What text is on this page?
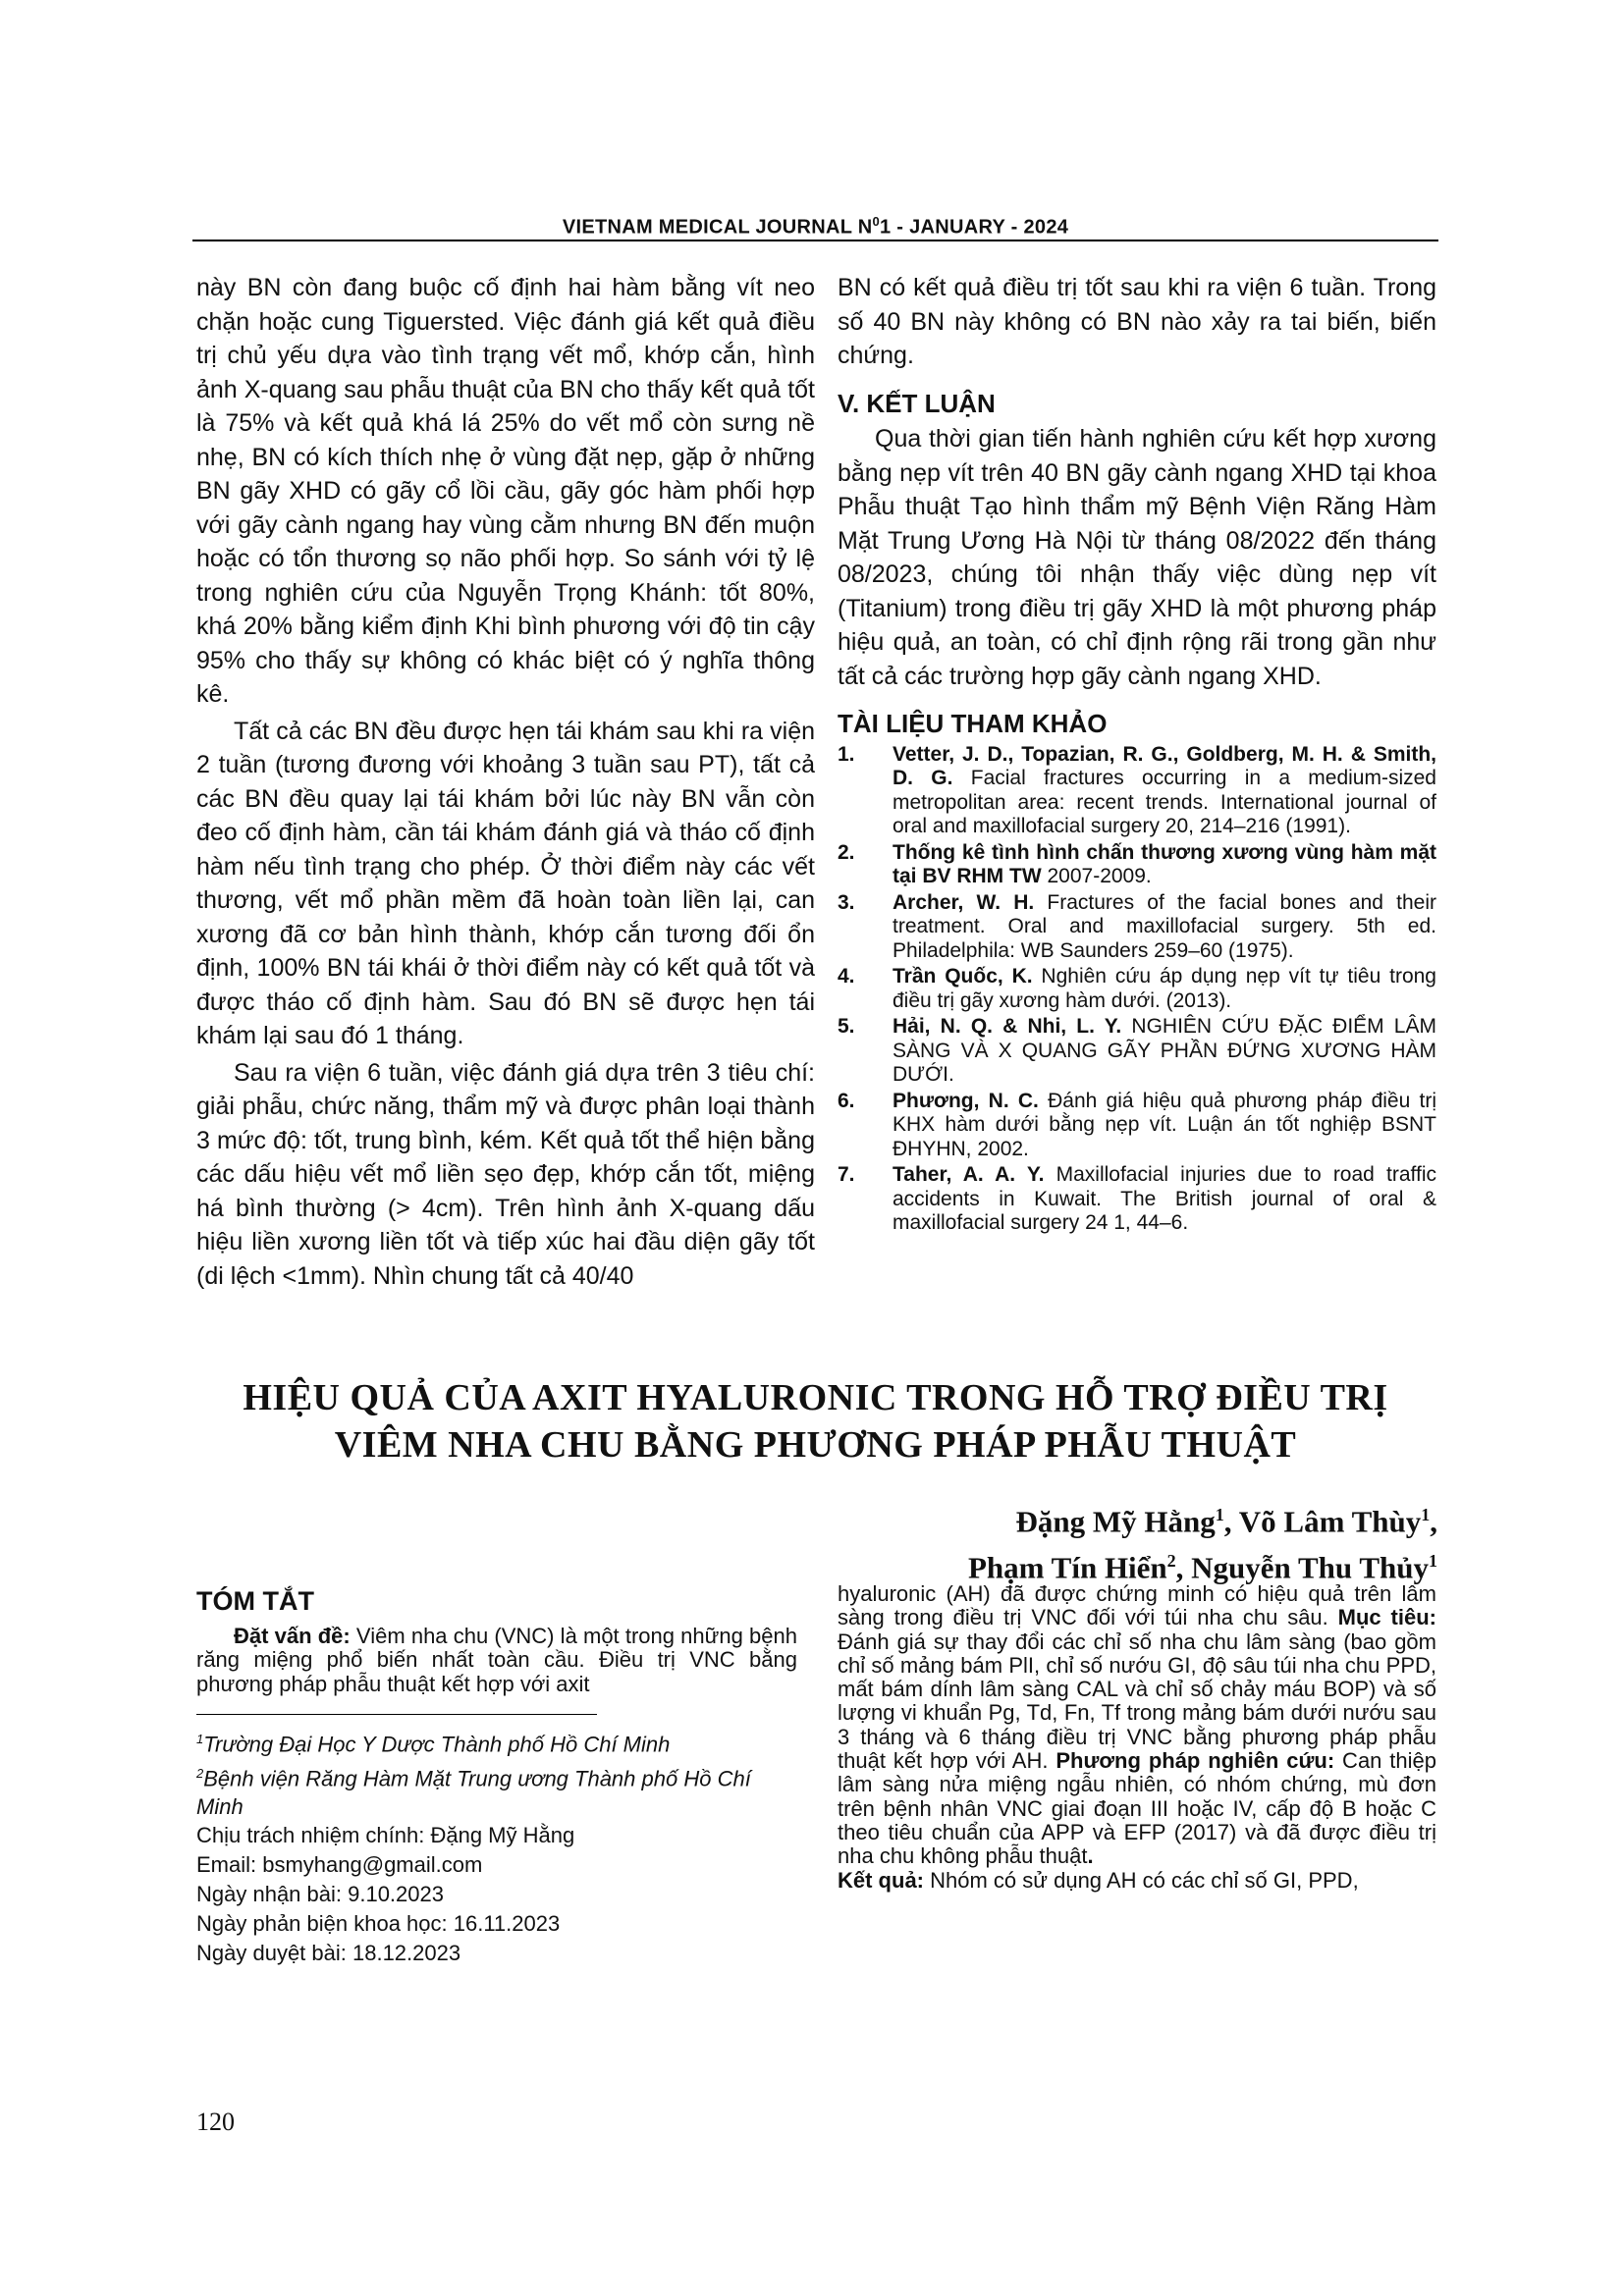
VIETNAM MEDICAL JOURNAL $N^01$ - JANUARY - 2024

này BN còn đang buộc cố định hai hàm bằng vít neo chặn hoặc cung Tiguersted. Việc đánh giá kết quả điều trị chủ yếu dựa vào tình trạng vết mổ, khớp cắn, hình ảnh X-quang sau phẫu thuật của BN cho thấy kết quả tốt là 75% và kết quả khá lá 25% do vết mổ còn sưng nề nhẹ, BN có kích thích nhẹ ở vùng đặt nẹp, gặp ở những BN gãy XHD có gãy cổ lồi cầu, gãy góc hàm phối hợp với gãy cành ngang hay vùng cằm nhưng BN đến muộn hoặc có tổn thương sọ não phối hợp. So sánh với tỷ lệ trong nghiên cứu của Nguyễn Trọng Khánh: tốt 80%, khá 20% bằng kiểm định Khi bình phương với độ tin cậy 95% cho thấy sự không có khác biệt có ý nghĩa thông kê.

Tất cả các BN đều được hẹn tái khám sau khi ra viện 2 tuần (tương đương với khoảng 3 tuần sau PT), tất cả các BN đều quay lại tái khám bởi lúc này BN vẫn còn đeo cố định hàm, cần tái khám đánh giá và tháo cố định hàm nếu tình trạng cho phép. Ở thời điểm này các vết thương, vết mổ phần mềm đã hoàn toàn liền lại, can xương đã cơ bản hình thành, khớp cắn tương đối ổn định, 100% BN tái khái ở thời điểm này có kết quả tốt và được tháo cố định hàm. Sau đó BN sẽ được hẹn tái khám lại sau đó 1 tháng.

Sau ra viện 6 tuần, việc đánh giá dựa trên 3 tiêu chí: giải phẫu, chức năng, thẩm mỹ và được phân loại thành 3 mức độ: tốt, trung bình, kém. Kết quả tốt thể hiện bằng các dấu hiệu vết mổ liền sẹo đẹp, khớp cắn tốt, miệng há bình thường (> 4cm). Trên hình ảnh X-quang dấu hiệu liền xương liền tốt và tiếp xúc hai đầu diện gãy tốt (di lệch <1mm). Nhìn chung tất cả 40/40

BN có kết quả điều trị tốt sau khi ra viện 6 tuần. Trong số 40 BN này không có BN nào xảy ra tai biến, biến chứng.

V. KẾT LUẬN

Qua thời gian tiến hành nghiên cứu kết hợp xương bằng nẹp vít trên 40 BN gãy cành ngang XHD tại khoa Phẫu thuật Tạo hình thẩm mỹ Bệnh Viện Răng Hàm Mặt Trung Ương Hà Nội từ tháng 08/2022 đến tháng 08/2023, chúng tôi nhận thấy việc dùng nẹp vít (Titanium) trong điều trị gãy XHD là một phương pháp hiệu quả, an toàn, có chỉ định rộng rãi trong gần như tất cả các trường hợp gãy cành ngang XHD.

TÀI LIỆU THAM KHẢO
1. Vetter, J. D., Topazian, R. G., Goldberg, M. H. & Smith, D. G. Facial fractures occurring in a medium-sized metropolitan area: recent trends. International journal of oral and maxillofacial surgery 20, 214–216 (1991).
2. Thống kê tình hình chấn thương xương vùng hàm mặt tại BV RHM TW 2007-2009.
3. Archer, W. H. Fractures of the facial bones and their treatment. Oral and maxillofacial surgery. 5th ed. Philadelphila: WB Saunders 259–60 (1975).
4. Trần Quốc, K. Nghiên cứu áp dụng nẹp vít tự tiêu trong điều trị gãy xương hàm dưới. (2013).
5. Hải, N. Q. & Nhi, L. Y. NGHIÊN CỨU ĐẶC ĐIỂM LÂM SÀNG VÀ X QUANG GÃY PHẦN ĐỨNG XƯƠNG HÀM DƯỚI.
6. Phương, N. C. Đánh giá hiệu quả phương pháp điều trị KHX hàm dưới bằng nẹp vít. Luận án tốt nghiệp BSNT ĐHYHN, 2002.
7. Taher, A. A. Y. Maxillofacial injuries due to road traffic accidents in Kuwait. The British journal of oral & maxillofacial surgery 24 1, 44–6.
HIỆU QUẢ CỦA AXIT HYALURONIC TRONG HỖ TRỢ ĐIỀU TRỊ
VIÊM NHA CHU BẰNG PHƯƠNG PHÁP PHẪU THUẬT
Đặng Mỹ Hằng$^1$, Võ Lâm Thùy$^1$,
Phạm Tín Hiển$^2$, Nguyễn Thu Thủy$^1$
TÓM TẮT

Đặt vấn đề: Viêm nha chu (VNC) là một trong những bệnh răng miệng phổ biến nhất toàn cầu. Điều trị VNC bằng phương pháp phẫu thuật kết hợp với axit

$^1$Trường Đại Học Y Dược Thành phố Hồ Chí Minh

$^2$Bệnh viện Răng Hàm Mặt Trung ương Thành phố Hồ Chí Minh

Chịu trách nhiệm chính: Đặng Mỹ Hằng

Email: bsmyhang@gmail.com

Ngày nhận bài: 9.10.2023

Ngày phản biện khoa học: 16.11.2023

Ngày duyệt bài: 18.12.2023

hyaluronic (AH) đã được chứng minh có hiệu quả trên lâm sàng trong điều trị VNC đối với túi nha chu sâu. Mục tiêu: Đánh giá sự thay đổi các chỉ số nha chu lâm sàng (bao gồm chỉ số mảng bám PlI, chỉ số nướu GI, độ sâu túi nha chu PPD, mất bám dính lâm sàng CAL và chỉ số chảy máu BOP) và số lượng vi khuẩn Pg, Td, Fn, Tf trong mảng bám dưới nướu sau 3 tháng và 6 tháng điều trị VNC bằng phương pháp phẫu thuật kết hợp với AH. Phương pháp nghiên cứu: Can thiệp lâm sàng nửa miệng ngẫu nhiên, có nhóm chứng, mù đơn trên bệnh nhân VNC giai đoạn III hoặc IV, cấp độ B hoặc C theo tiêu chuẩn của APP và EFP (2017) và đã được điều trị nha chu không phẫu thuật.
Kết quả: Nhóm có sử dụng AH có các chỉ số GI, PPD,
120
